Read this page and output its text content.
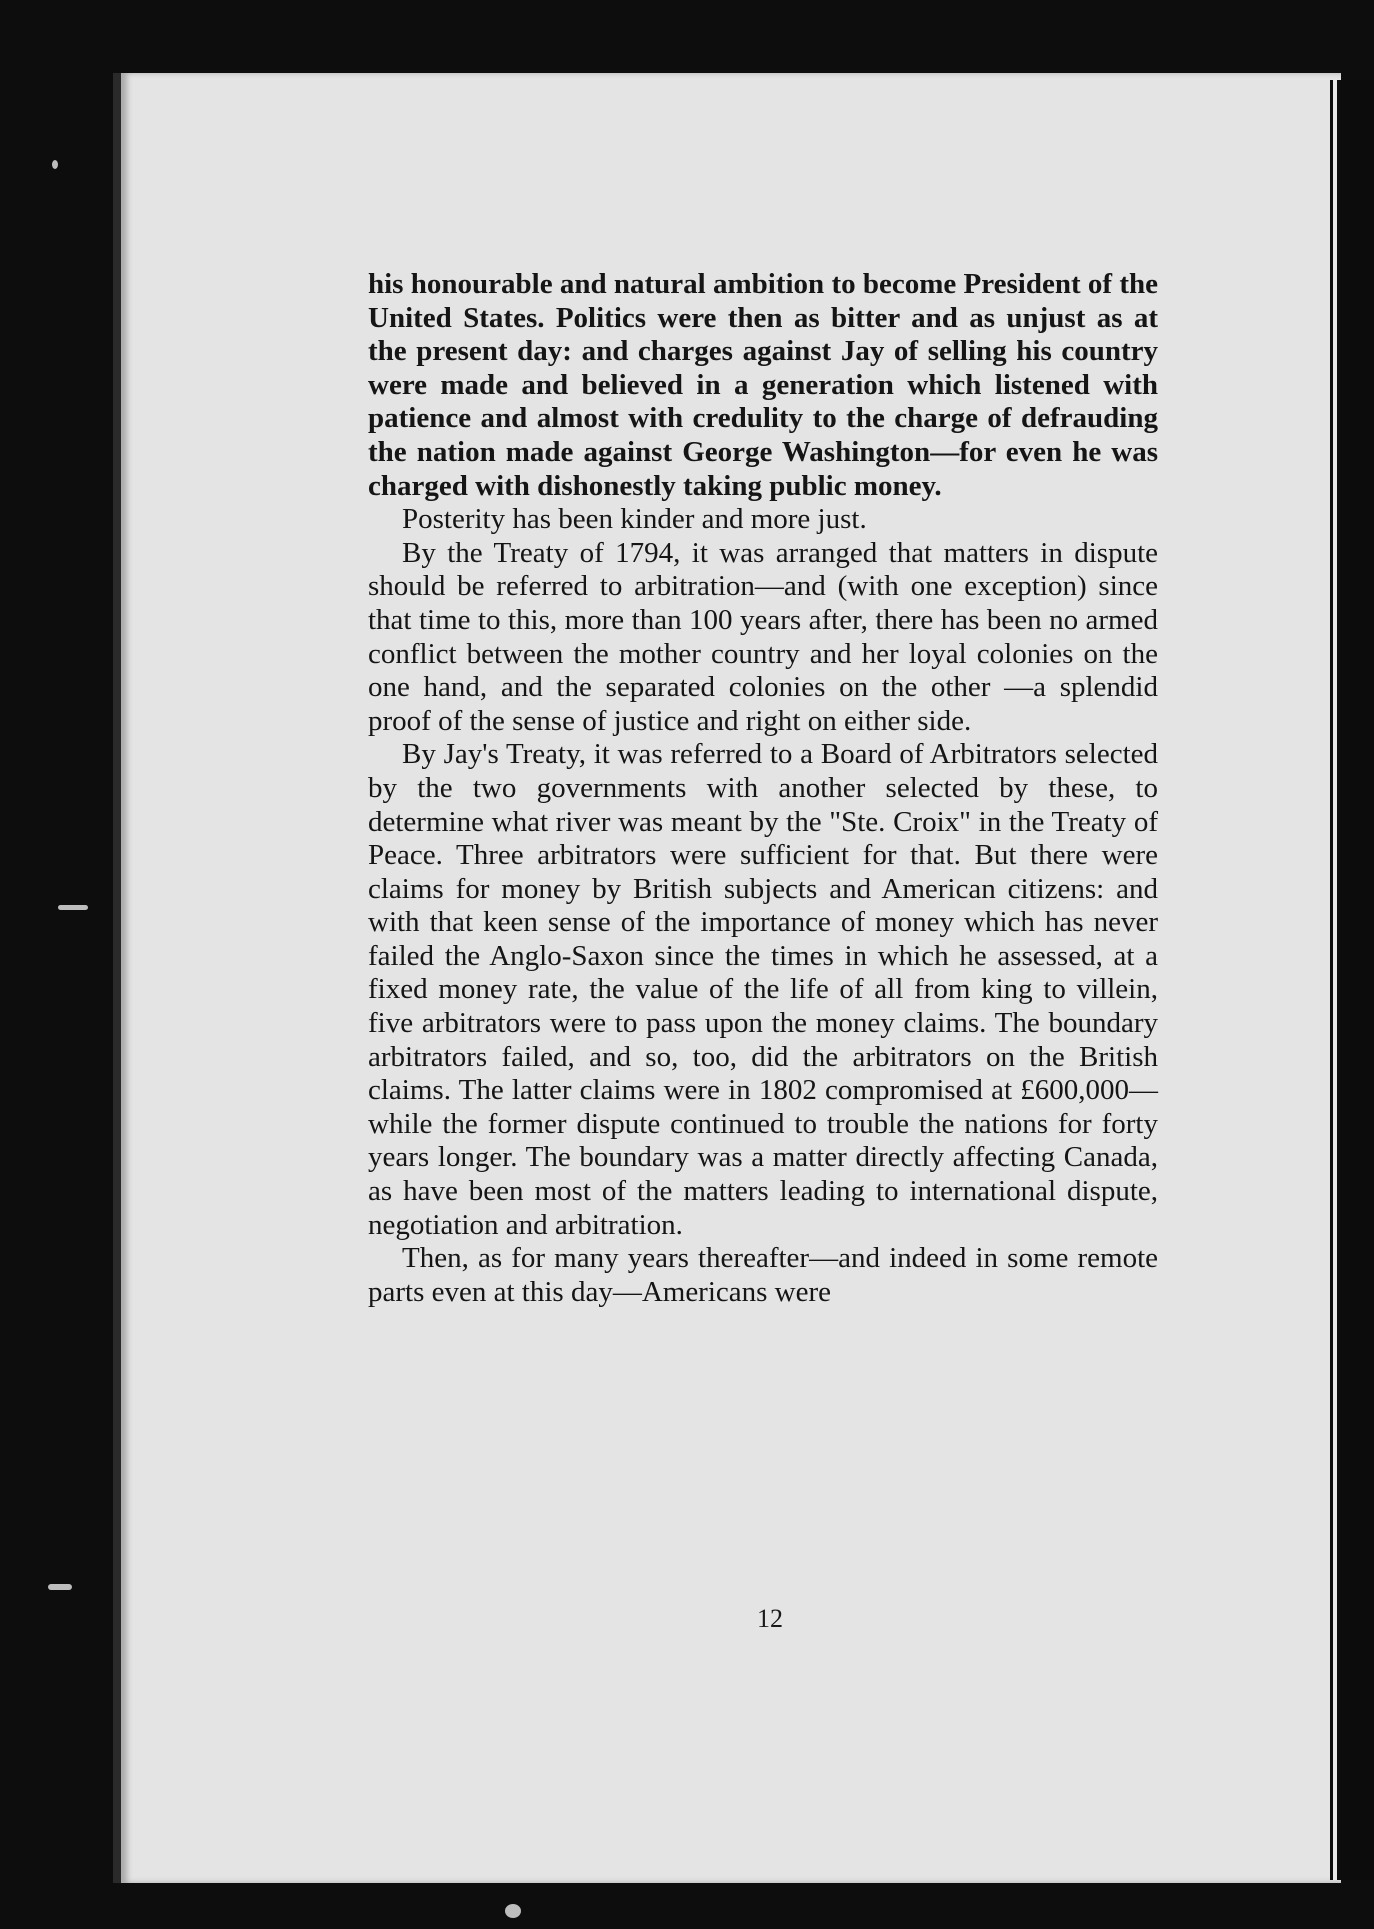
his honourable and natural ambition to become President of the United States. Politics were then as bitter and as unjust as at the present day: and charges against Jay of selling his country were made and believed in a generation which listened with patience and almost with credulity to the charge of defrauding the nation made against George Washington—for even he was charged with dishonestly taking public money.

Posterity has been kinder and more just.

By the Treaty of 1794, it was arranged that matters in dispute should be referred to arbitration—and (with one exception) since that time to this, more than 100 years after, there has been no armed conflict between the mother country and her loyal colonies on the one hand, and the separated colonies on the other —a splendid proof of the sense of justice and right on either side.

By Jay's Treaty, it was referred to a Board of Arbitrators selected by the two governments with another selected by these, to determine what river was meant by the "Ste. Croix" in the Treaty of Peace. Three arbitrators were sufficient for that. But there were claims for money by British subjects and American citizens: and with that keen sense of the importance of money which has never failed the Anglo-Saxon since the times in which he assessed, at a fixed money rate, the value of the life of all from king to villein, five arbitrators were to pass upon the money claims. The boundary arbitrators failed, and so, too, did the arbitrators on the British claims. The latter claims were in 1802 compromised at £600,000—while the former dispute continued to trouble the nations for forty years longer. The boundary was a matter directly affecting Canada, as have been most of the matters leading to international dispute, negotiation and arbitration.

Then, as for many years thereafter—and indeed in some remote parts even at this day—Americans were

12
